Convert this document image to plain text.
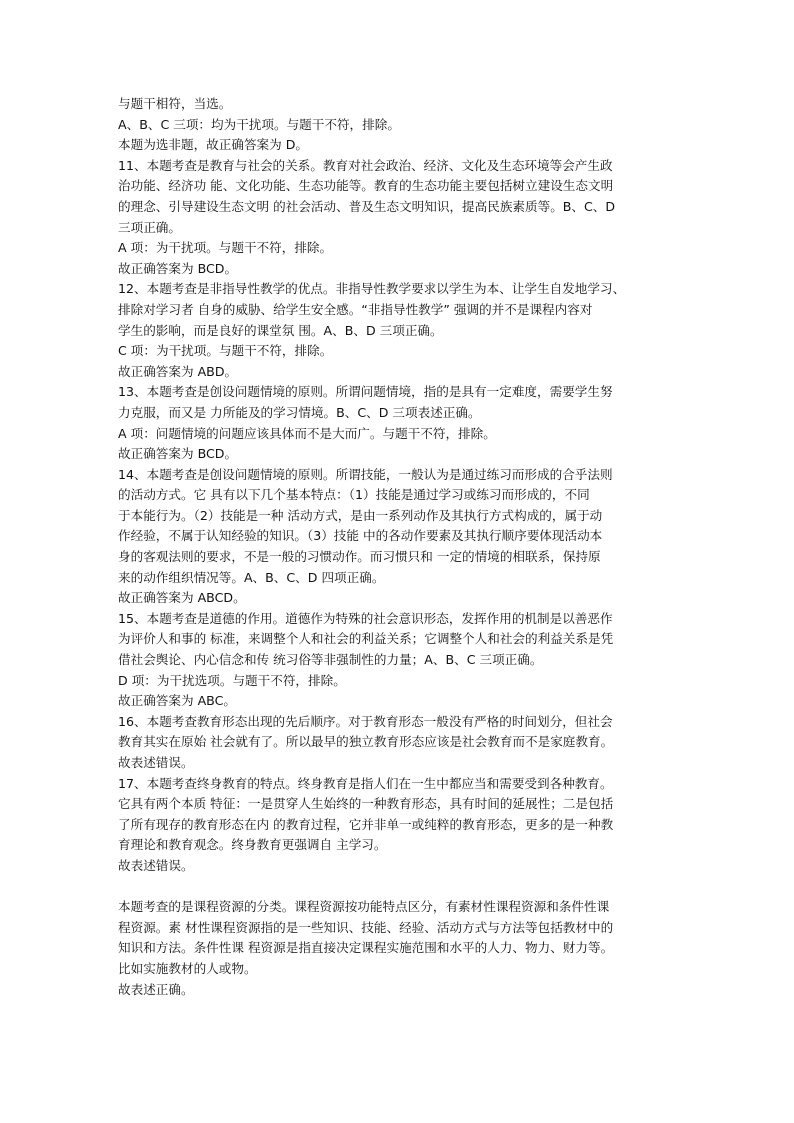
与题干相符，当选。
A、B、C 三项：均为干扰项。与题干不符，排除。
本题为选非题，故正确答案为 D。
11、本题考查是教育与社会的关系。教育对社会政治、经济、文化及生态环境等会产生政
治功能、经济功 能、文化功能、生态功能等。教育的生态功能主要包括树立建设生态文明
的理念、引导建设生态文明 的社会活动、普及生态文明知识，提高民族素质等。B、C、D
三项正确。
A 项：为干扰项。与题干不符，排除。
故正确答案为 BCD。
12、本题考查是非指导性教学的优点。非指导性教学要求以学生为本、让学生自发地学习、
排除对学习者 自身的威胁、给学生安全感。“非指导性教学” 强调的并不是课程内容对
学生的影响，而是良好的课堂氛 围。A、B、D 三项正确。
C 项：为干扰项。与题干不符，排除。
故正确答案为 ABD。
13、本题考查是创设问题情境的原则。所谓问题情境，指的是具有一定难度，需要学生努
力克服，而又是 力所能及的学习情境。B、C、D 三项表述正确。
A 项：问题情境的问题应该具体而不是大而广。与题干不符，排除。
故正确答案为 BCD。
14、本题考查是创设问题情境的原则。所谓技能，一般认为是通过练习而形成的合乎法则
的活动方式。它 具有以下几个基本特点：（1）技能是通过学习或练习而形成的，不同
于本能行为。（2）技能是一种 活动方式，是由一系列动作及其执行方式构成的，属于动
作经验，不属于认知经验的知识。（3）技能 中的各动作要素及其执行顺序要体现活动本
身的客观法则的要求，不是一般的习惯动作。而习惯只和 一定的情境的相联系，保持原
来的动作组织情况等。A、B、C、D 四项正确。
故正确答案为 ABCD。
15、本题考查是道德的作用。道德作为特殊的社会意识形态，发挥作用的机制是以善恶作
为评价人和事的 标准，来调整个人和社会的利益关系；它调整个人和社会的利益关系是凭
借社会舆论、内心信念和传 统习俗等非强制性的力量；A、B、C 三项正确。
D 项：为干扰选项。与题干不符，排除。
故正确答案为 ABC。
16、本题考查教育形态出现的先后顺序。对于教育形态一般没有严格的时间划分，但社会
教育其实在原始 社会就有了。所以最早的独立教育形态应该是社会教育而不是家庭教育。
故表述错误。
17、本题考查终身教育的特点。终身教育是指人们在一生中都应当和需要受到各种教育。
它具有两个本质 特征：一是贯穿人生始终的一种教育形态，具有时间的延展性；二是包括
了所有现存的教育形态在内 的教育过程，它并非单一或纯粹的教育形态，更多的是一种教
育理论和教育观念。终身教育更强调自 主学习。
故表述错误。
本题考查的是课程资源的分类。课程资源按功能特点区分，有素材性课程资源和条件性课
程资源。素 材性课程资源指的是一些知识、技能、经验、活动方式与方法等包括教材中的
知识和方法。条件性课 程资源是指直接决定课程实施范围和水平的人力、物力、财力等。
比如实施教材的人或物。
故表述正确。
